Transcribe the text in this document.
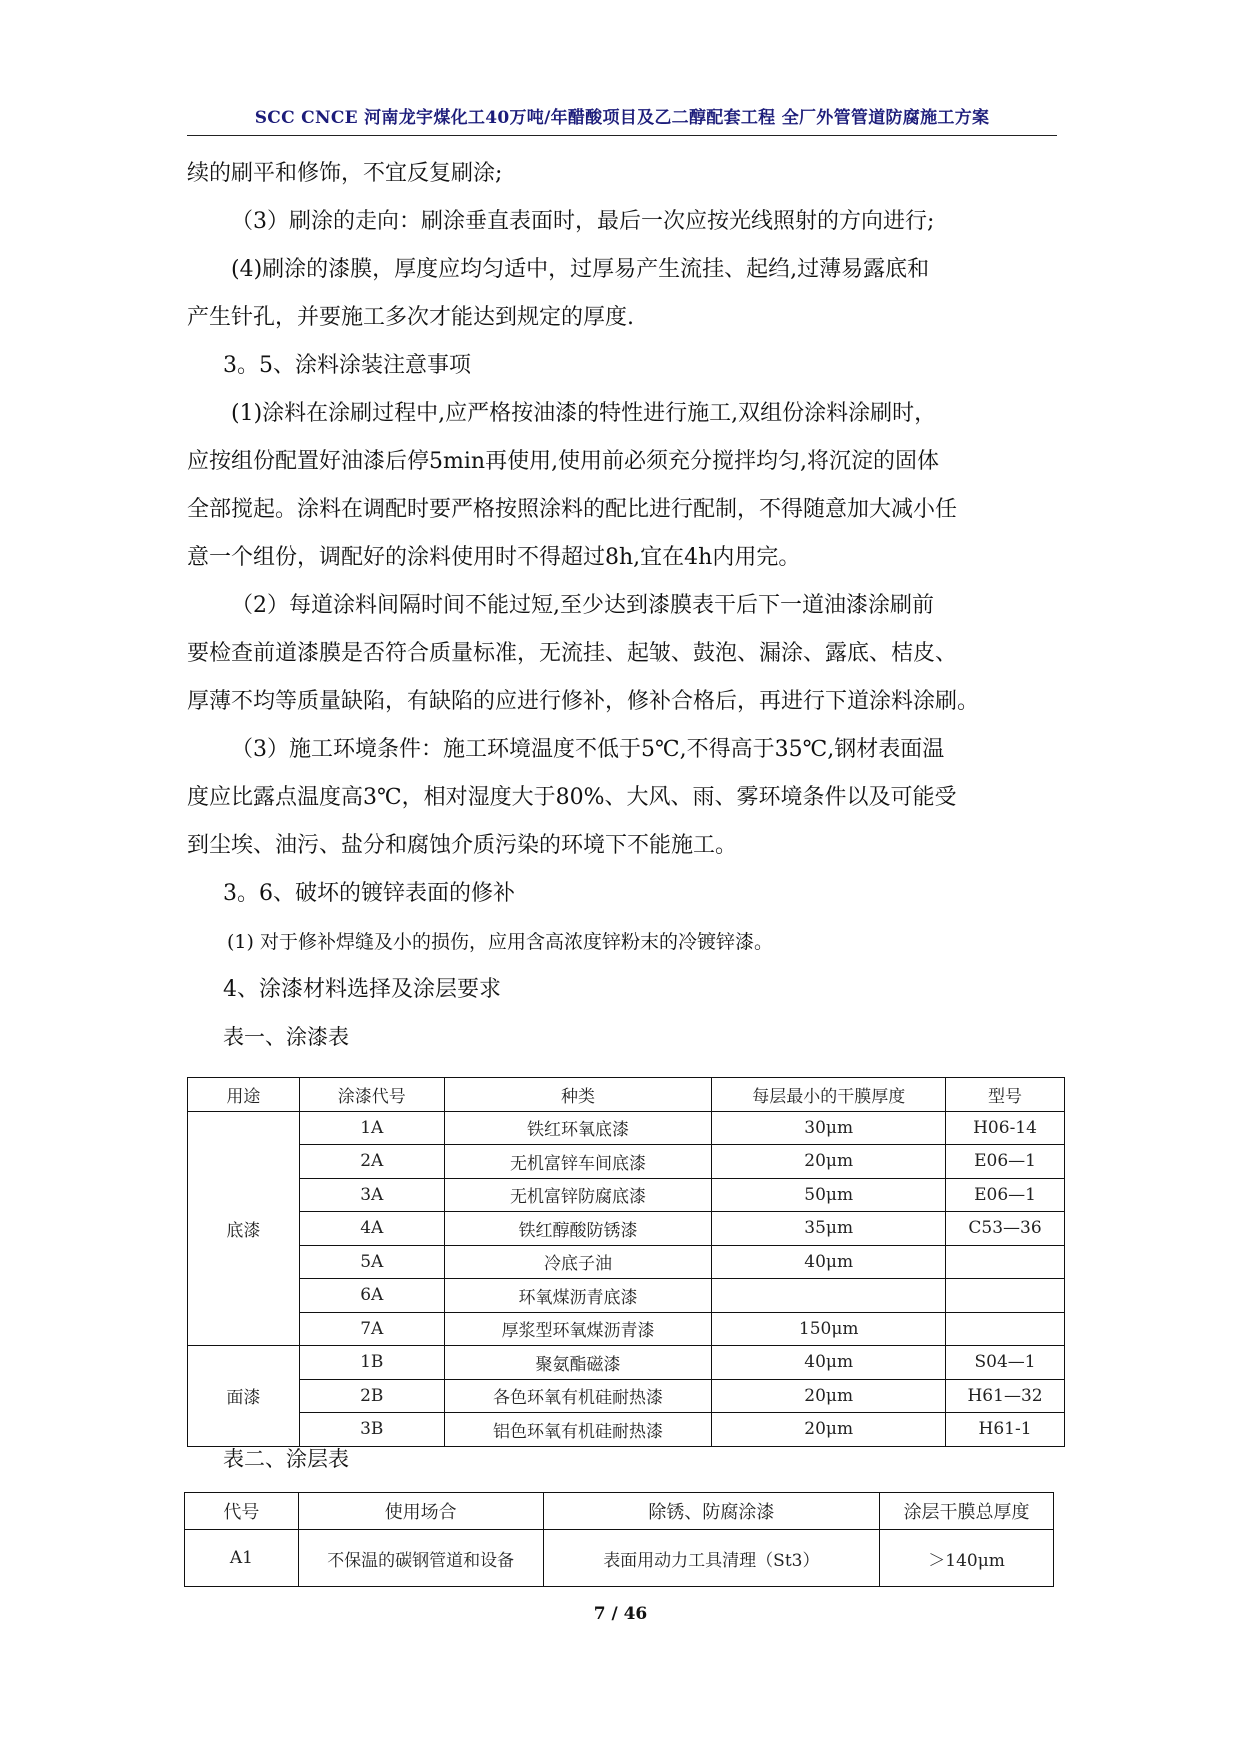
SCC CNCE 河南龙宇煤化工40万吨/年醋酸项目及乙二醇配套工程 全厂外管管道防腐施工方案

续的刷平和修饰，不宜反复刷涂;

（3）刷涂的走向：刷涂垂直表面时，最后一次应按光线照射的方向进行;

(4)刷涂的漆膜，厚度应均匀适中，过厚易产生流挂、起绉,过薄易露底和

产生针孔，并要施工多次才能达到规定的厚度.

3。5、涂料涂装注意事项

(1)涂料在涂刷过程中,应严格按油漆的特性进行施工,双组份涂料涂刷时，

应按组份配置好油漆后停5min再使用,使用前必须充分搅拌均匀,将沉淀的固体

全部搅起。涂料在调配时要严格按照涂料的配比进行配制，不得随意加大减小任

意一个组份，调配好的涂料使用时不得超过8h,宜在4h内用完。

（2）每道涂料间隔时间不能过短,至少达到漆膜表干后下一道油漆涂刷前

要检查前道漆膜是否符合质量标准，无流挂、起皱、鼓泡、漏涂、露底、桔皮、

厚薄不均等质量缺陷，有缺陷的应进行修补，修补合格后，再进行下道涂料涂刷。

（3）施工环境条件：施工环境温度不低于5℃,不得高于35℃,钢材表面温

度应比露点温度高3℃，相对湿度大于80%、大风、雨、雾环境条件以及可能受

到尘埃、油污、盐分和腐蚀介质污染的环境下不能施工。

3。6、破坏的镀锌表面的修补

(1) 对于修补焊缝及小的损伤，应用含高浓度锌粉末的冷镀锌漆。

4、涂漆材料选择及涂层要求

表一、涂漆表

用途	涂漆代号	种类	每层最小的干膜厚度	型号
底漆	1A	铁红环氧底漆	30μm	H06-14
	2A	无机富锌车间底漆	20μm	E06—1
	3A	无机富锌防腐底漆	50μm	E06—1
	4A	铁红醇酸防锈漆	35μm	C53—36
	5A	冷底子油	40μm	
	6A	环氧煤沥青底漆		
	7A	厚浆型环氧煤沥青漆	150μm	
面漆	1B	聚氨酯磁漆	40μm	S04—1
	2B	各色环氧有机硅耐热漆	20μm	H61—32
	3B	铝色环氧有机硅耐热漆	20μm	H61-1
表二、涂层表
代号	使用场合	除锈、防腐涂漆	涂层干膜总厚度
A1	不保温的碳钢管道和设备	表面用动力工具清理（St3）	＞140μm
7 / 46
